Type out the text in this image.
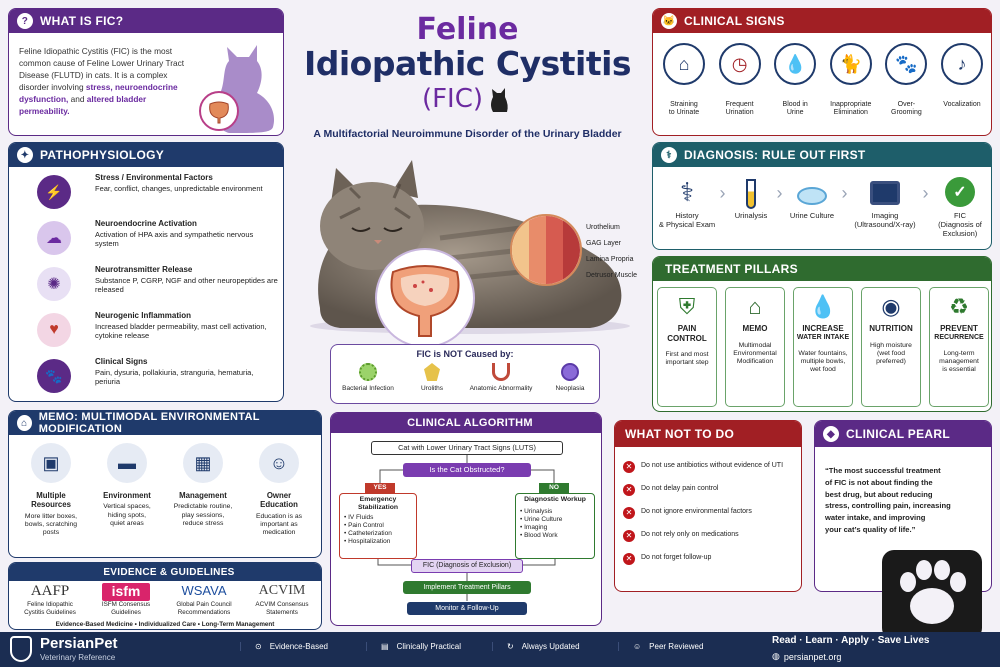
? WHAT IS FIC?
Feline Idiopathic Cystitis (FIC) is the most common cause of Feline Lower Urinary Tract Disease (FLUTD) in cats. It is a complex disorder involving stress, neuroendocrine dysfunction, and altered bladder permeability.
Feline
Idiopathic Cystitis
(FIC)
A Multifactorial Neuroimmune Disorder of the Urinary Bladder
Urothelium
GAG Layer
Lamina Propria
Detrusor Muscle
FIC is NOT Caused by:
Bacterial Infection	Uroliths	Anatomic Abnormality	Neoplasia
✦ PATHOPHYSIOLOGY
⚡
Stress / Environmental Factors
Fear, conflict, changes, unpredictable environment
☁
Neuroendocrine Activation
Activation of HPA axis and sympathetic nervous system
✺
Neurotransmitter Release
Substance P, CGRP, NGF and other neuropeptides are released
♥
Neurogenic Inflammation
Increased bladder permeability, mast cell activation, cytokine release
🐾
Clinical Signs
Pain, dysuria, pollakiuria, stranguria, hematuria, periuria
🐱 CLINICAL SIGNS
⌂
Straining
to Urinate
◷
Frequent
Urination
💧
Blood in
Urine
🐈
Inappropriate
Elimination
🐾
Over-
Grooming
♪
Vocalization
⚕	DIAGNOSIS: RULE OUT FIRST
⚕
History
& Physical Exam
›
Urinalysis
›
Urine Culture
›
Imaging
(Ultrasound/X-ray)
›	✓
FIC
(Diagnosis of
Exclusion)
TREATMENT PILLARS
⛨
PAIN
CONTROL
First and most
important step
⌂
MEMO
Multimodal
Environmental
Modification
💧
INCREASE
WATER INTAKE
Water fountains,
multiple bowls,
wet food
◉
NUTRITION
High moisture
(wet food
preferred)
♻
PREVENT
RECURRENCE
Long-term
management
is essential
⌂	MEMO: MULTIMODAL ENVIRONMENTAL MODIFICATION
▣
Multiple
Resources
More litter boxes,
bowls, scratching
posts
▬
Environment
Vertical spaces,
hiding spots,
quiet areas
▦
Management
Predictable routine,
play sessions,
reduce stress
☺
Owner
Education
Education is as
important as
medication
EVIDENCE & GUIDELINES
AAFP
Feline Idiopathic
Cystitis Guidelines
isfm
ISFM Consensus
Guidelines
WSAVA
Global Pain Council
Recommendations
ACVIM
ACVIM Consensus
Statements
Evidence-Based Medicine • Individualized Care • Long-Term Management
CLINICAL ALGORITHM
Cat with Lower Urinary Tract Signs (LUTS)
Is the Cat Obstructed?
YES	NO
Emergency
Stabilization
• IV Fluids
• Pain Control
• Catheterization
• Hospitalization
Diagnostic Workup
• Urinalysis
• Urine Culture
• Imaging
• Blood Work
FIC (Diagnosis of Exclusion)
Implement Treatment Pillars
Monitor & Follow-Up
WHAT NOT TO DO
✕	Do not use antibiotics without evidence of UTI
✕	Do not delay pain control
✕	Do not ignore environmental factors
✕	Do not rely only on medications
✕	Do not forget follow-up
◆ CLINICAL PEARL
“The most successful treatment
of FIC is not about finding the
best drug, but about reducing
stress, controlling pain, increasing
water intake, and improving
your cat’s quality of life.”
PersianPet
Veterinary Reference
⊙ Evidence-Based	▤ Clinically Practical	↻ Always Updated	☺ Peer Reviewed
Read · Learn · Apply · Save Lives
◍ persianpet.org
